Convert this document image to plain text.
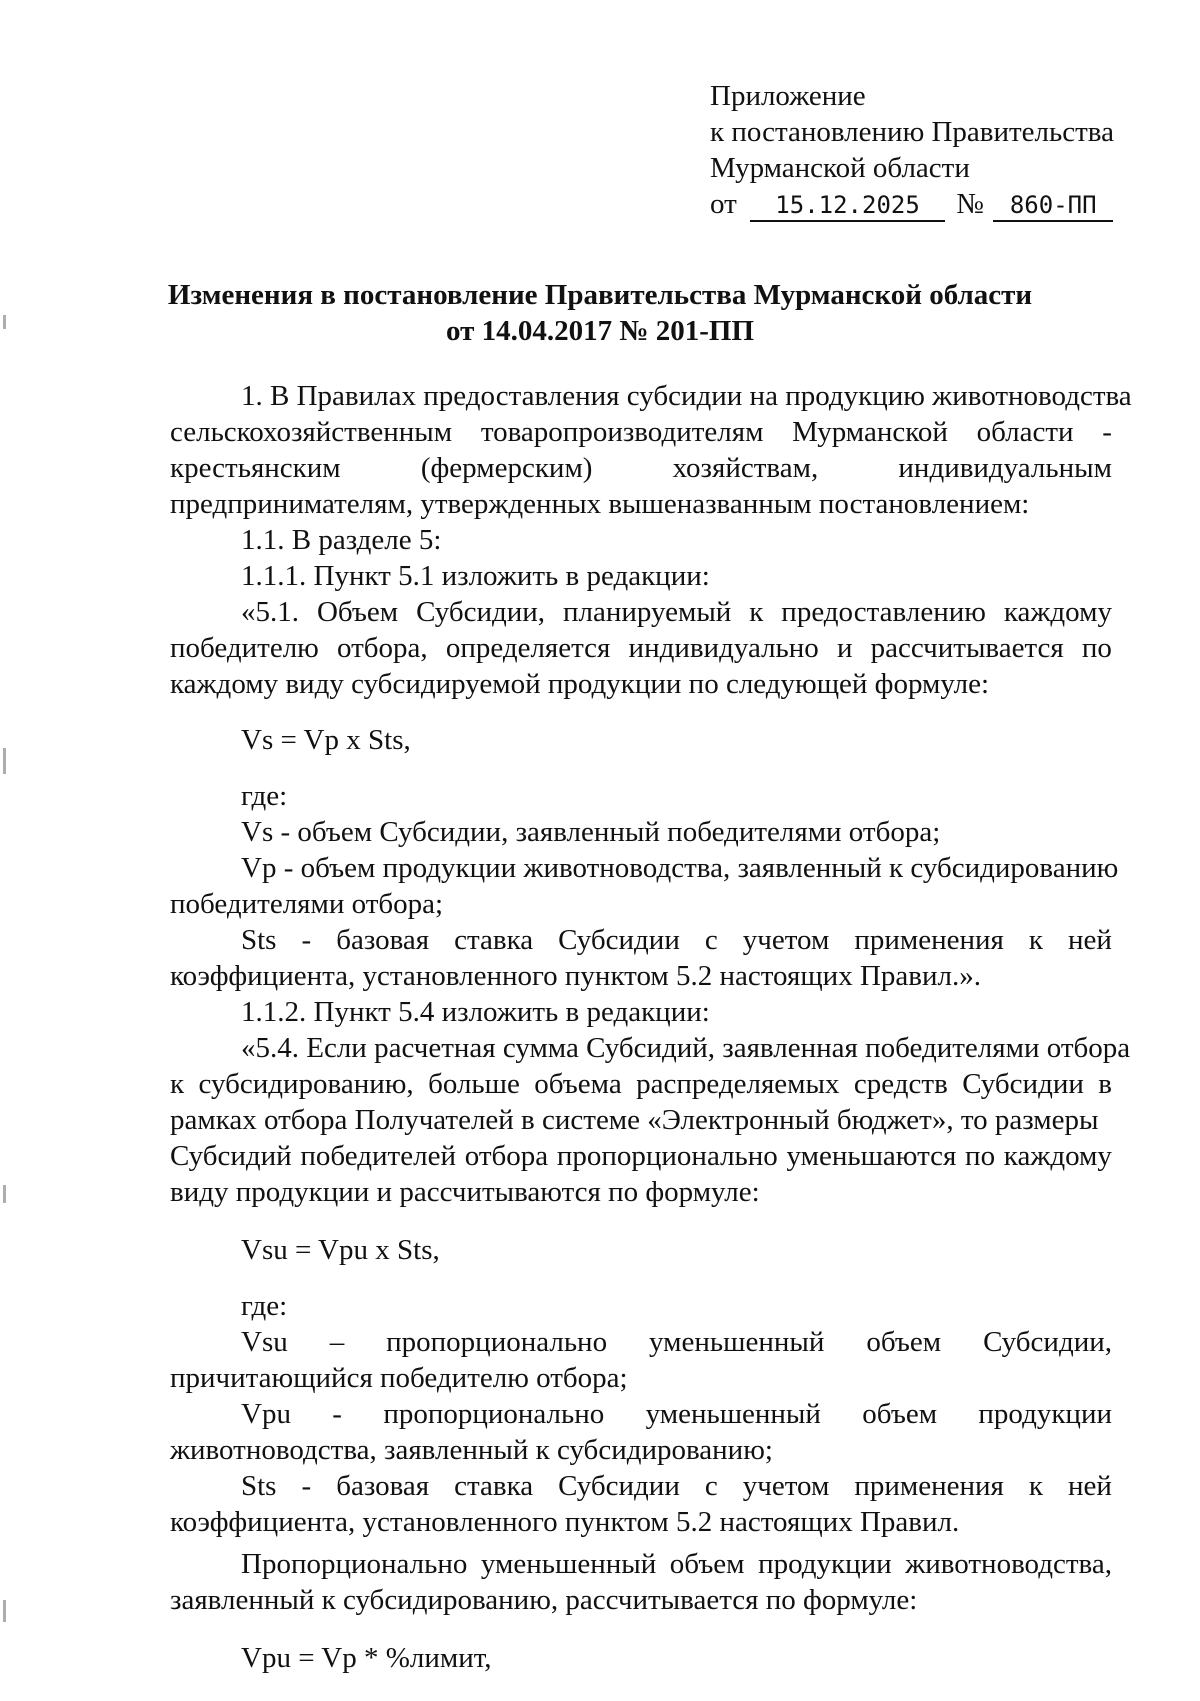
Приложение
к постановлению Правительства
Мурманской области
от 15.12.2025 № 860-ПП
Изменения в постановление Правительства Мурманской области
от 14.04.2017 № 201-ПП
1. В Правилах предоставления субсидии на продукцию животноводства
сельскохозяйственным товаропроизводителям Мурманской области -
крестьянским	(фермерским)	хозяйствам,	индивидуальным
предпринимателям, утвержденных вышеназванным постановлением:
1.1. В разделе 5:
1.1.1. Пункт 5.1 изложить в редакции:
«5.1. Объем Субсидии, планируемый к предоставлению каждому
победителю отбора, определяется индивидуально и рассчитывается по
каждому виду субсидируемой продукции по следующей формуле:
Vs = Vp x Sts,
где:
Vs - объем Субсидии, заявленный победителями отбора;
Vp - объем продукции животноводства, заявленный к субсидированию
победителями отбора;
Sts - базовая ставка Субсидии с учетом применения к ней
коэффициента, установленного пунктом 5.2 настоящих Правил.».
1.1.2. Пункт 5.4 изложить в редакции:
«5.4. Если расчетная сумма Субсидий, заявленная победителями отбора
к субсидированию, больше объема распределяемых средств Субсидии в
рамках отбора Получателей в системе «Электронный бюджет», то размеры
Субсидий победителей отбора пропорционально уменьшаются по каждому
виду продукции и рассчитываются по формуле:
Vsu = Vpu x Sts,
где:
Vsu – пропорционально уменьшенный объем Субсидии,
причитающийся победителю отбора;
Vpu - пропорционально уменьшенный объем продукции
животноводства, заявленный к субсидированию;
Sts - базовая ставка Субсидии с учетом применения к ней
коэффициента, установленного пунктом 5.2 настоящих Правил.
Пропорционально уменьшенный объем продукции животноводства,
заявленный к субсидированию, рассчитывается по формуле:
Vpu = Vp * %лимит,
